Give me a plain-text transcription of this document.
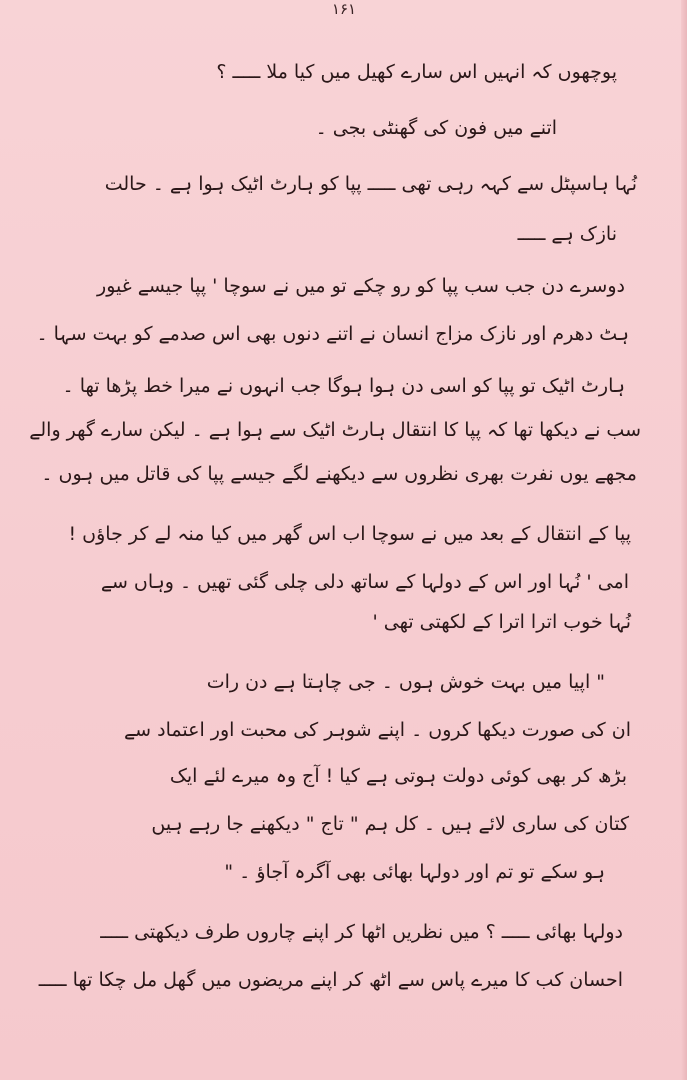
۱۶۱
پوچھوں کہ انہیں اس سارے کھیل میں کیا ملا ـــــ ؟
اتنے میں فون کی گھنٹی بجی ۔
نُہا ہاسپٹل سے کہہ رہی تھی ـــــ پپا کو ہارٹ اٹیک ہوا ہے ۔ حالت
نازک ہے ـــــ
دوسرے دن جب سب پپا کو رو چکے تو میں نے سوچا ' پپا جیسے غیور
ہٹ دھرم اور نازک مزاج انسان نے اتنے دنوں بھی اس صدمے کو بہت سہا ۔
ہارٹ اٹیک تو پپا کو اسی دن ہوا ہوگا جب انہوں نے میرا خط پڑھا تھا ۔
سب نے دیکھا تھا کہ پپا کا انتقال ہارٹ اٹیک سے ہوا ہے ۔ لیکن سارے گھر والے
مجھے یوں نفرت بھری نظروں سے دیکھنے لگے جیسے پپا کی قاتل میں ہوں ۔
پپا کے انتقال کے بعد میں نے سوچا اب اس گھر میں کیا منہ لے کر جاؤں !
امی ' نُہا اور اس کے دولہا کے ساتھ دلی چلی گئی تھیں ۔ وہاں سے
نُہا خوب اترا اترا کے لکھتی تھی '
" اپیا میں بہت خوش ہوں ۔ جی چاہتا ہے دن رات
ان کی صورت دیکھا کروں ۔ اپنے شوہر کی محبت اور اعتماد سے
بڑھ کر بھی کوئی دولت ہوتی ہے کیا ! آج وہ میرے لئے ایک
کتان کی ساری لائے ہیں ۔ کل ہم " تاج " دیکھنے جا رہے ہیں
ہو سکے تو تم اور دولہا بھائی بھی آگرہ آجاؤ ۔ "
دولہا بھائی ـــــ ؟ میں نظریں اٹھا کر اپنے چاروں طرف دیکھتی ـــــ
احسان کب کا میرے پاس سے اٹھ کر اپنے مریضوں میں گھل مل چکا تھا ـــــ
